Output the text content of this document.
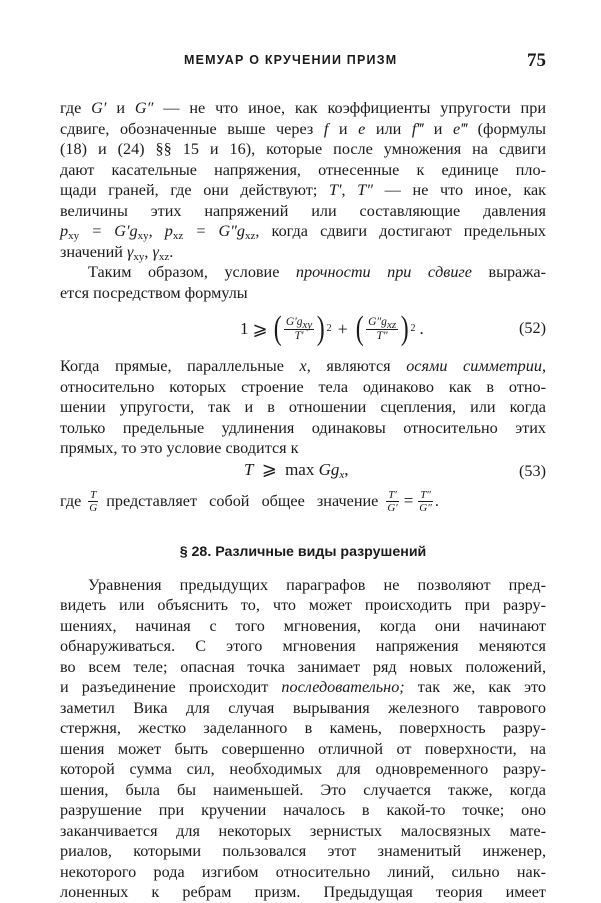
МЕМУАР О КРУЧЕНИИ ПРИЗМ	75
где G′ и G″ — не что иное, как коэффициенты упругости при
сдвиге, обозначенные выше через f и e или f‴ и e‴ (формулы
(18) и (24) §§ 15 и 16), которые после умножения на сдвиги
дают касательные напряжения, отнесенные к единице пло-
щади граней, где они действуют; T′, T″ — не что иное, как
величины этих напряжений или составляющие давления
$p_{xy} = G'g_{xy}$, $p_{xz} = G''g_{xz}$, когда сдвиги достигают предельных
значений $\gamma_{xy}$, $\gamma_{xz}$.
Таким образом, условие прочности при сдвиге выража-
ется посредством формулы
1 ⩾ ( $\frac{G'g_{xy}}{T'}$ ) 2 + ( $\frac{G''g_{xz}}{T''}$ ) 2 .	(52)
Когда прямые, параллельные x, являются осями симметрии,
относительно которых строение тела одинаково как в отно-
шении упругости, так и в отношении сцепления, или когда
только предельные удлинения одинаковы относительно этих
прямых, то это условие сводится к
T ⩾ $\max Gg_x$,	(53)
где $\frac{T}{G}$ представляет   собой   общее   значение $\frac{T'}{G'} = \frac{T''}{G''}$ .
§ 28. Различные виды разрушений
Уравнения предыдущих параграфов не позволяют пред-
видеть или объяснить то, что может происходить при разру-
шениях, начиная с того мгновения, когда они начинают
обнаруживаться. С этого мгновения напряжения меняются
во всем теле; опасная точка занимает ряд новых положений,
и разъединение происходит последовательно; так же, как это
заметил Вика для случая вырывания железного таврового
стержня, жестко заделанного в камень, поверхность разру-
шения может быть совершенно отличной от поверхности, на
которой сумма сил, необходимых для одновременного разру-
шения, была бы наименьшей. Это случается также, когда
разрушение при кручении началось в какой-то точке; оно
заканчивается для некоторых зернистых малосвязных мате-
риалов, которыми пользовался этот знаменитый инженер,
некоторого рода изгибом относительно линий, сильно нак-
лоненных   к   ребрам   призм.   Предыдущая   теория   имеет
